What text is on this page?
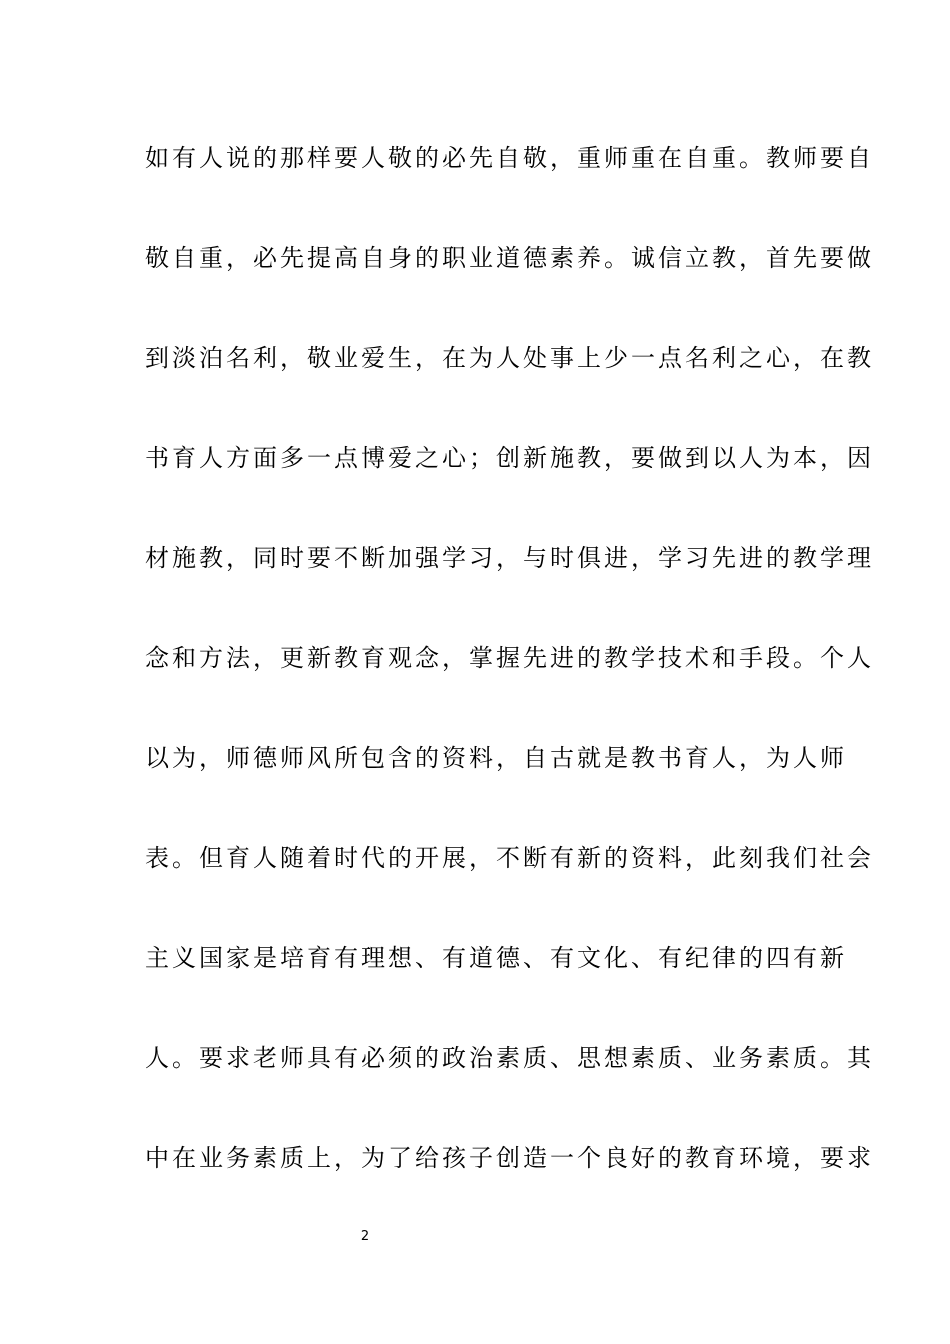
如有人说的那样要人敬的必先自敬，重师重在自重。教师要自
敬自重，必先提高自身的职业道德素养。诚信立教，首先要做
到淡泊名利，敬业爱生，在为人处事上少一点名利之心，在教
书育人方面多一点博爱之心；创新施教，要做到以人为本，因
材施教，同时要不断加强学习，与时俱进，学习先进的教学理
念和方法，更新教育观念，掌握先进的教学技术和手段。个人
以为，师德师风所包含的资料，自古就是教书育人，为人师
表。但育人随着时代的开展，不断有新的资料，此刻我们社会
主义国家是培育有理想、有道德、有文化、有纪律的四有新
人。要求老师具有必须的政治素质、思想素质、业务素质。其
中在业务素质上，为了给孩子创造一个良好的教育环境，要求
2
